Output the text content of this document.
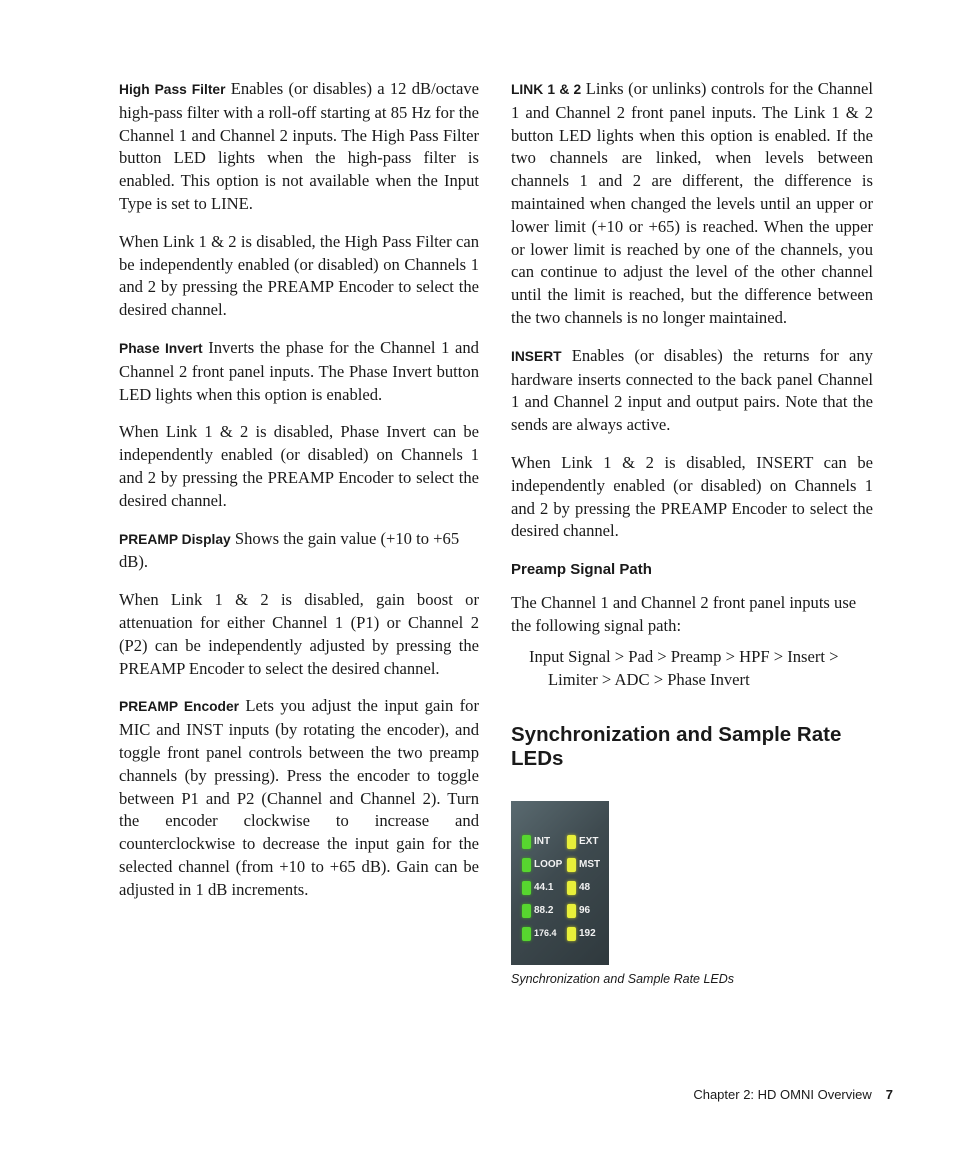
High Pass Filter Enables (or disables) a 12 dB/octave high-pass filter with a roll-off starting at 85 Hz for the Channel 1 and Channel 2 inputs. The High Pass Filter button LED lights when the high-pass filter is enabled. This option is not available when the Input Type is set to LINE.

When Link 1 & 2 is disabled, the High Pass Filter can be independently enabled (or disabled) on Channels 1 and 2 by pressing the PREAMP Encoder to select the desired channel.

Phase Invert Inverts the phase for the Channel 1 and Channel 2 front panel inputs. The Phase Invert button LED lights when this option is enabled.

When Link 1 & 2 is disabled, Phase Invert can be independently enabled (or disabled) on Channels 1 and 2 by pressing the PREAMP Encoder to select the desired channel.

PREAMP Display Shows the gain value (+10 to +65 dB).

When Link 1 & 2 is disabled, gain boost or attenuation for either Channel 1 (P1) or Channel 2 (P2) can be independently adjusted by pressing the PREAMP Encoder to select the desired channel.

PREAMP Encoder Lets you adjust the input gain for MIC and INST inputs (by rotating the encoder), and toggle front panel controls between the two preamp channels (by pressing). Press the encoder to toggle between P1 and P2 (Channel and Channel 2). Turn the encoder clockwise to increase and counterclockwise to decrease the input gain for the selected channel (from +10 to +65 dB). Gain can be adjusted in 1 dB increments.

LINK 1 & 2 Links (or unlinks) controls for the Channel 1 and Channel 2 front panel inputs. The Link 1 & 2 button LED lights when this option is enabled. If the two channels are linked, when levels between channels 1 and 2 are different, the difference is maintained when changed the levels until an upper or lower limit (+10 or +65) is reached. When the upper or lower limit is reached by one of the channels, you can continue to adjust the level of the other channel until the limit is reached, but the difference between the two channels is no longer maintained.

INSERT Enables (or disables) the returns for any hardware inserts connected to the back panel Channel 1 and Channel 2 input and output pairs. Note that the sends are always active.

When Link 1 & 2 is disabled, INSERT can be independently enabled (or disabled) on Channels 1 and 2 by pressing the PREAMP Encoder to select the desired channel.

Preamp Signal Path

The Channel 1 and Channel 2 front panel inputs use the following signal path:

Input Signal > Pad > Preamp > HPF > Insert > Limiter > ADC > Phase Invert

Synchronization and Sample Rate LEDs
INT	EXT
LOOP MST
44.1	48
88.2	96
176.4 192
Synchronization and Sample Rate LEDs
Chapter 2: HD OMNI Overview 7
